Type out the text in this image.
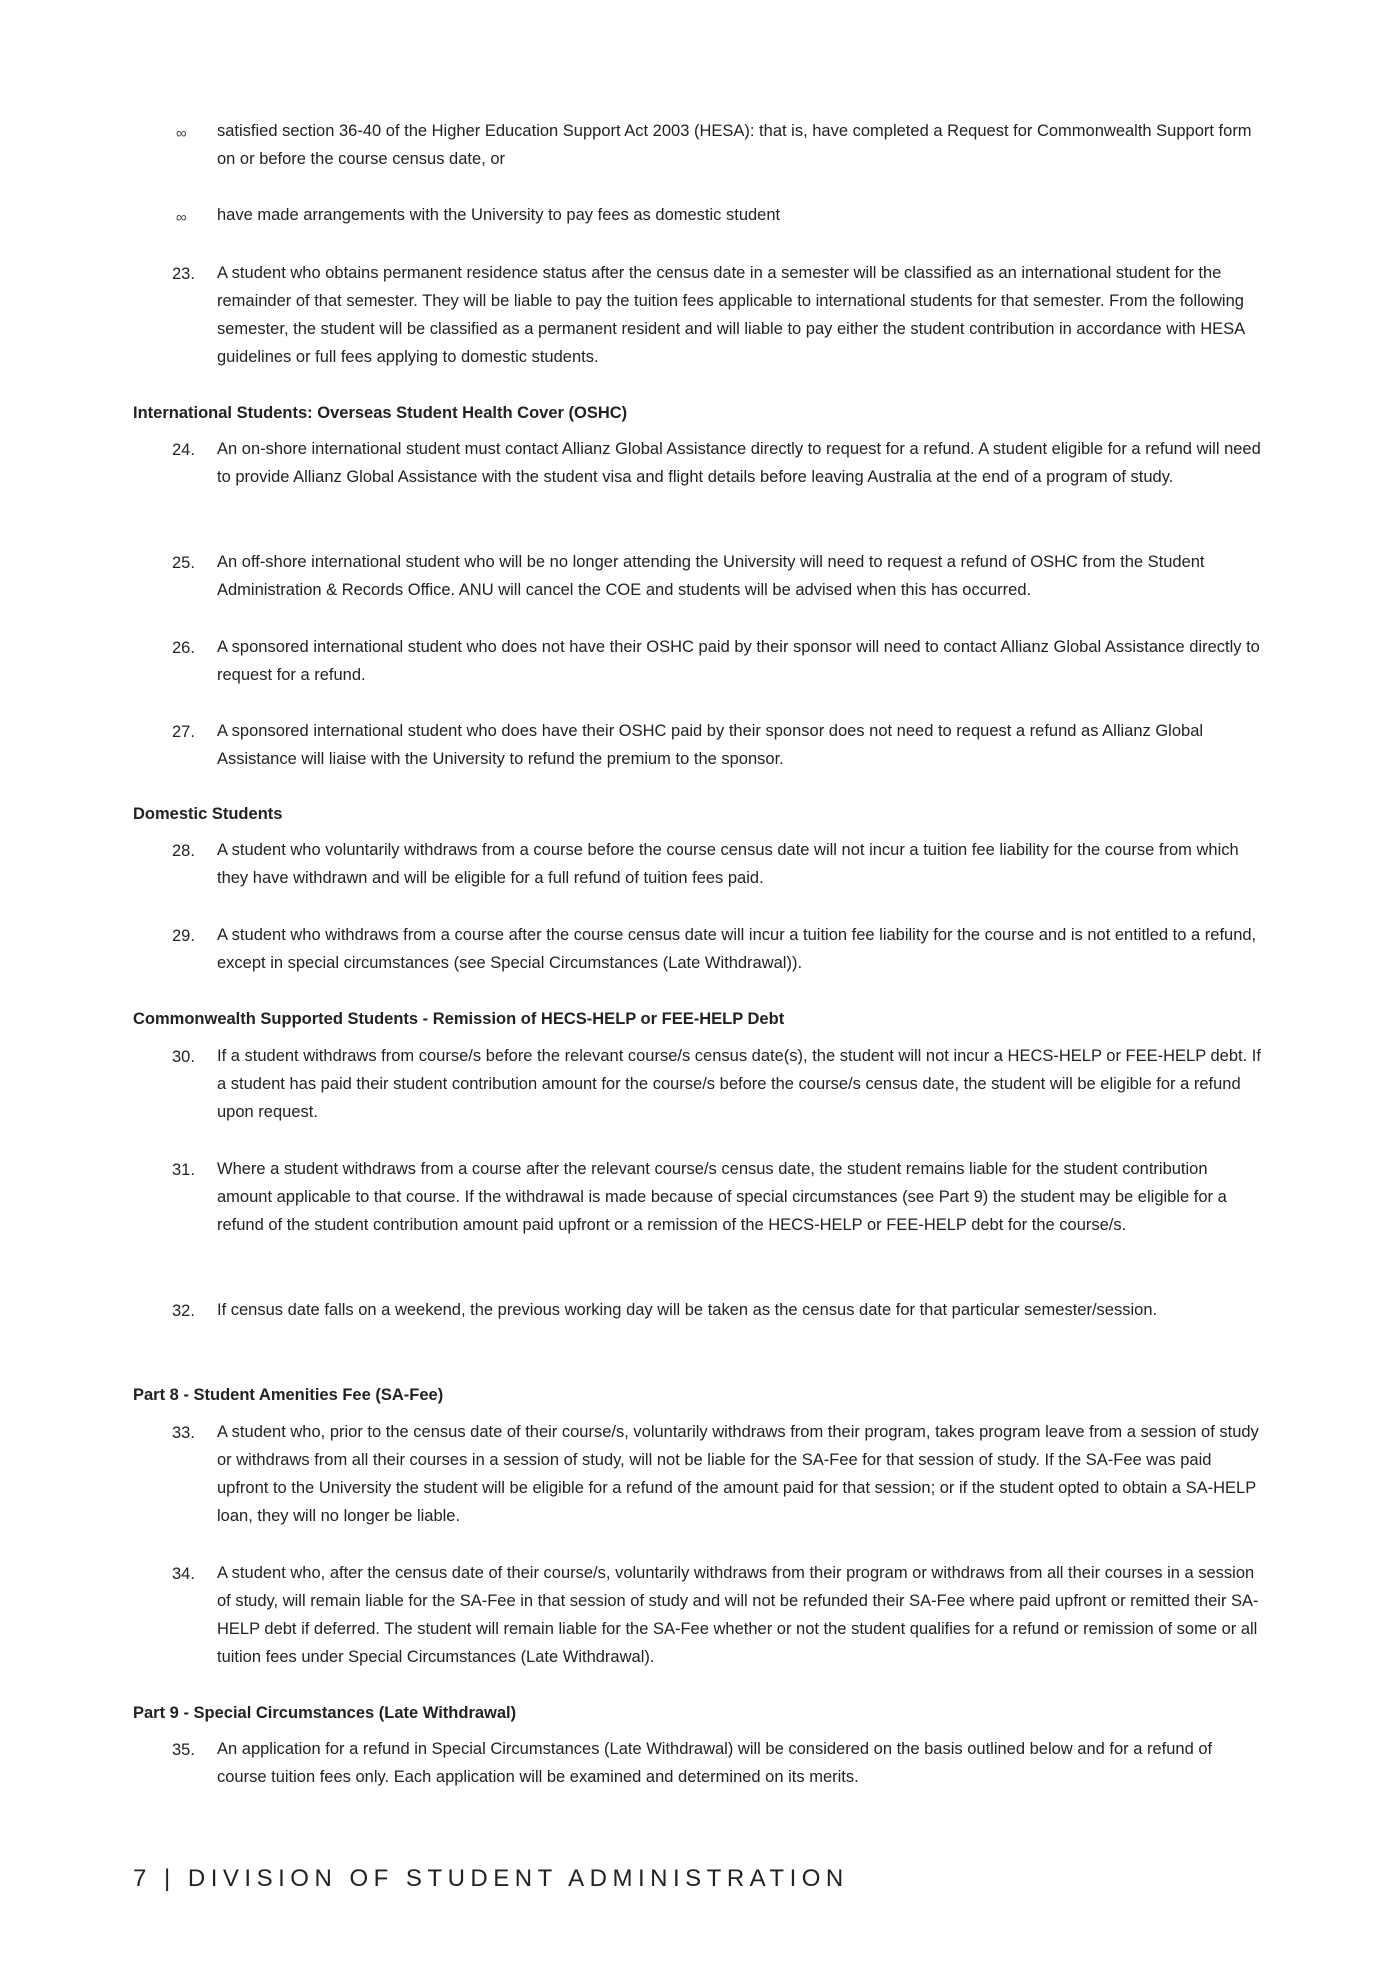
∞	satisfied section 36-40 of the Higher Education Support Act 2003 (HESA): that is, have completed a Request for Commonwealth Support form on or before the course census date, or

∞	have made arrangements with the University to pay fees as domestic student

23.	A student who obtains permanent residence status after the census date in a semester will be classified as an international student for the remainder of that semester. They will be liable to pay the tuition fees applicable to international students for that semester. From the following semester, the student will be classified as a permanent resident and will liable to pay either the student contribution in accordance with HESA guidelines or full fees applying to domestic students.

International Students: Overseas Student Health Cover (OSHC)
24.	An on-shore international student must contact Allianz Global Assistance directly to request for a refund. A student eligible for a refund will need to provide Allianz Global Assistance with the student visa and flight details before leaving Australia at the end of a program of study.

25.	An off-shore international student who will be no longer attending the University will need to request a refund of OSHC from the Student Administration & Records Office. ANU will cancel the COE and students will be advised when this has occurred.

26.	A sponsored international student who does not have their OSHC paid by their sponsor will need to contact Allianz Global Assistance directly to request for a refund.

27.	A sponsored international student who does have their OSHC paid by their sponsor does not need to request a refund as Allianz Global Assistance will liaise with the University to refund the premium to the sponsor.

Domestic Students
28.	A student who voluntarily withdraws from a course before the course census date will not incur a tuition fee liability for the course from which they have withdrawn and will be eligible for a full refund of tuition fees paid.

29.	A student who withdraws from a course after the course census date will incur a tuition fee liability for the course and is not entitled to a refund, except in special circumstances (see Special Circumstances (Late Withdrawal)).

Commonwealth Supported Students - Remission of HECS-HELP or FEE-HELP Debt
30.	If a student withdraws from course/s before the relevant course/s census date(s), the student will not incur a HECS-HELP or FEE-HELP debt. If a student has paid their student contribution amount for the course/s before the course/s census date, the student will be eligible for a refund upon request.

31.	Where a student withdraws from a course after the relevant course/s census date, the student remains liable for the student contribution amount applicable to that course. If the withdrawal is made because of special circumstances (see Part 9) the student may be eligible for a refund of the student contribution amount paid upfront or a remission of the HECS-HELP or FEE-HELP debt for the course/s.

32.	If census date falls on a weekend, the previous working day will be taken as the census date for that particular semester/session.

Part 8 - Student Amenities Fee (SA-Fee)
33.	A student who, prior to the census date of their course/s, voluntarily withdraws from their program, takes program leave from a session of study or withdraws from all their courses in a session of study, will not be liable for the SA-Fee for that session of study. If the SA-Fee was paid upfront to the University the student will be eligible for a refund of the amount paid for that session; or if the student opted to obtain a SA-HELP loan, they will no longer be liable.

34.	A student who, after the census date of their course/s, voluntarily withdraws from their program or withdraws from all their courses in a session of study, will remain liable for the SA-Fee in that session of study and will not be refunded their SA-Fee where paid upfront or remitted their SA-HELP debt if deferred. The student will remain liable for the SA-Fee whether or not the student qualifies for a refund or remission of some or all tuition fees under Special Circumstances (Late Withdrawal).

Part 9 - Special Circumstances (Late Withdrawal)
35.	An application for a refund in Special Circumstances (Late Withdrawal) will be considered on the basis outlined below and for a refund of course tuition fees only. Each application will be examined and determined on its merits.

7 | DIVISION OF STUDENT ADMINISTRATION
